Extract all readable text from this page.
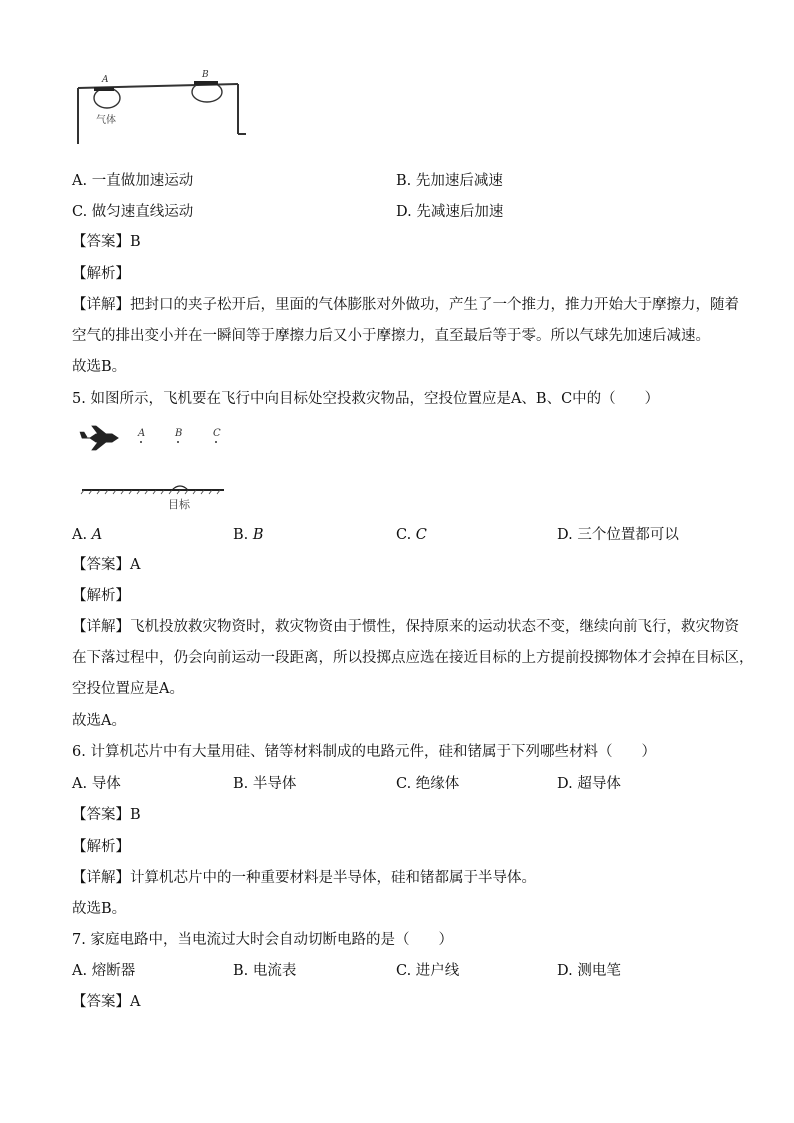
A	B
气体
A. 一直做加速运动	B. 先加速后减速
C. 做匀速直线运动	D. 先减速后加速
【答案】B
【解析】
【详解】把封口的夹子松开后，里面的气体膨胀对外做功，产生了一个推力，推力开始大于摩擦力，随着
空气的排出变小并在一瞬间等于摩擦力后又小于摩擦力，直至最后等于零。所以气球先加速后减速。
故选B。
5. 如图所示，飞机要在飞行中向目标处空投救灾物品，空投位置应是A、B、C中的（　　）
A	B	C
目标
A. A	B. B	C. C	D. 三个位置都可以
【答案】A
【解析】
【详解】飞机投放救灾物资时，救灾物资由于惯性，保持原来的运动状态不变，继续向前飞行，救灾物资
在下落过程中，仍会向前运动一段距离，所以投掷点应选在接近目标的上方提前投掷物体才会掉在目标区，
空投位置应是A。
故选A。
6. 计算机芯片中有大量用硅、锗等材料制成的电路元件，硅和锗属于下列哪些材料（　　）
A. 导体	B. 半导体	C. 绝缘体	D. 超导体
【答案】B
【解析】
【详解】计算机芯片中的一种重要材料是半导体，硅和锗都属于半导体。
故选B。
7. 家庭电路中，当电流过大时会自动切断电路的是（　　）
A. 熔断器	B. 电流表	C. 进户线	D. 测电笔
【答案】A
